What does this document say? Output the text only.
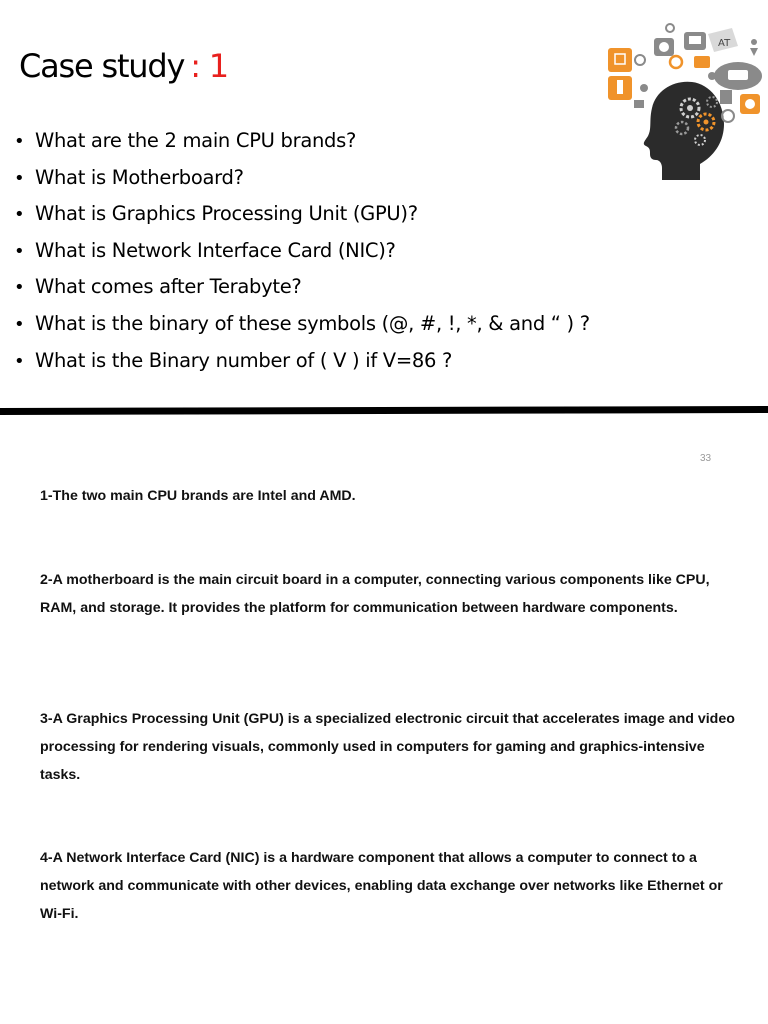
Case study : 1
• What are the 2 main CPU brands?
• What is Motherboard?
• What is Graphics Processing Unit (GPU)?
• What is Network Interface Card (NIC)?
• What comes after Terabyte?
• What is the binary of these symbols (@, #, !, *, & and “ ) ?
• What is the Binary number of ( V ) if V=86 ?
AT
33

1-The two main CPU brands are Intel and AMD.

2-A motherboard is the main circuit board in a computer, connecting various components like CPU, RAM, and storage. It provides the platform for communication between hardware components.

3-A Graphics Processing Unit (GPU) is a specialized electronic circuit that accelerates image and video processing for rendering visuals, commonly used in computers for gaming and graphics-intensive tasks.

4-A Network Interface Card (NIC) is a hardware component that allows a computer to connect to a network and communicate with other devices, enabling data exchange over networks like Ethernet or Wi-Fi.
